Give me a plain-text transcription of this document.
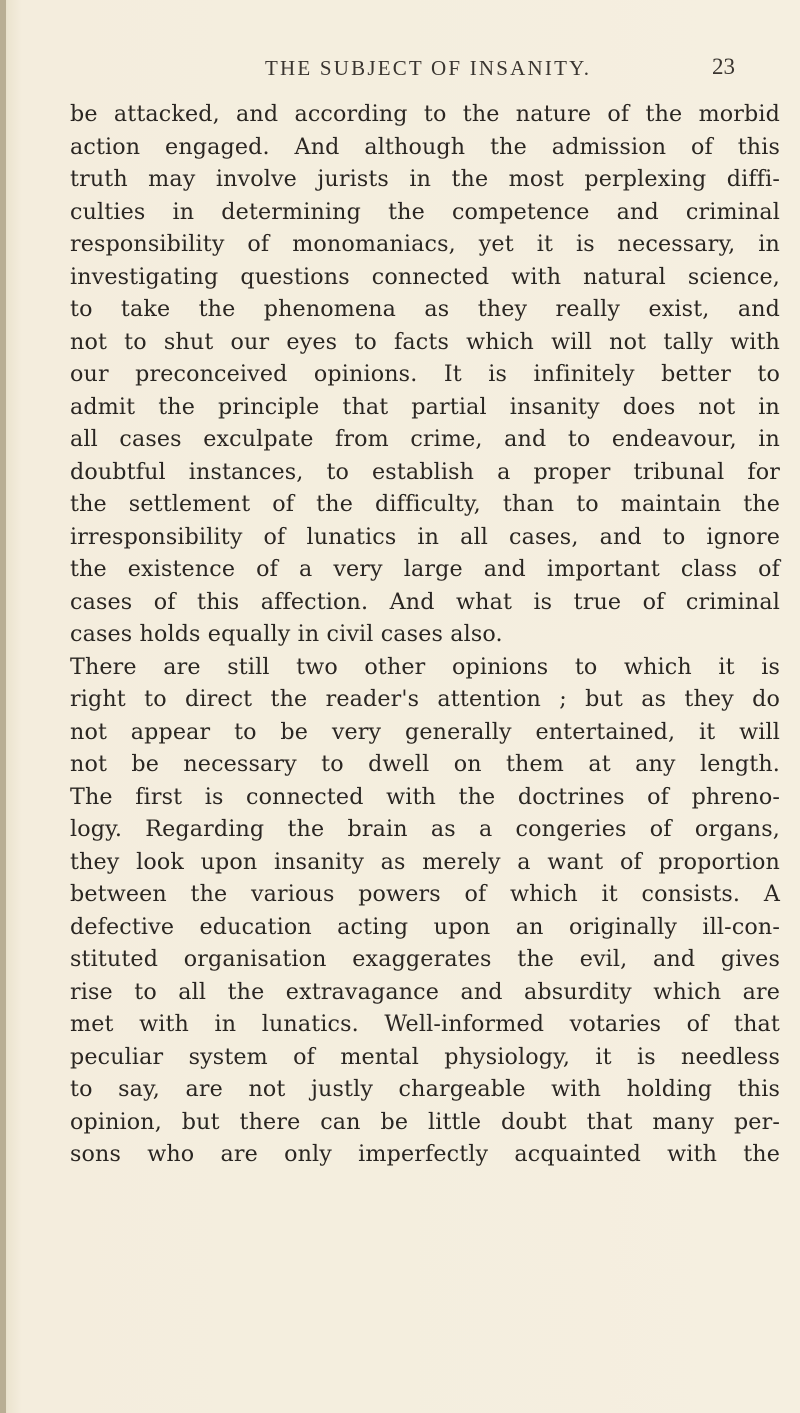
THE SUBJECT OF INSANITY.	23
be attacked, and according to the nature of the morbid
action engaged. And although the admission of this
truth may involve jurists in the most perplexing diffi-
culties in determining the competence and criminal
responsibility of monomaniacs, yet it is necessary, in
investigating questions connected with natural science,
to take the phenomena as they really exist, and
not to shut our eyes to facts which will not tally with
our preconceived opinions. It is infinitely better to
admit the principle that partial insanity does not in
all cases exculpate from crime, and to endeavour, in
doubtful instances, to establish a proper tribunal for
the settlement of the difficulty, than to maintain the
irresponsibility of lunatics in all cases, and to ignore
the existence of a very large and important class of
cases of this affection. And what is true of criminal
cases holds equally in civil cases also.
There are still two other opinions to which it is
right to direct the reader's attention ; but as they do
not appear to be very generally entertained, it will
not be necessary to dwell on them at any length.
The first is connected with the doctrines of phreno-
logy. Regarding the brain as a congeries of organs,
they look upon insanity as merely a want of proportion
between the various powers of which it consists. A
defective education acting upon an originally ill-con-
stituted organisation exaggerates the evil, and gives
rise to all the extravagance and absurdity which are
met with in lunatics. Well-informed votaries of that
peculiar system of mental physiology, it is needless
to say, are not justly chargeable with holding this
opinion, but there can be little doubt that many per-
sons who are only imperfectly acquainted with the
